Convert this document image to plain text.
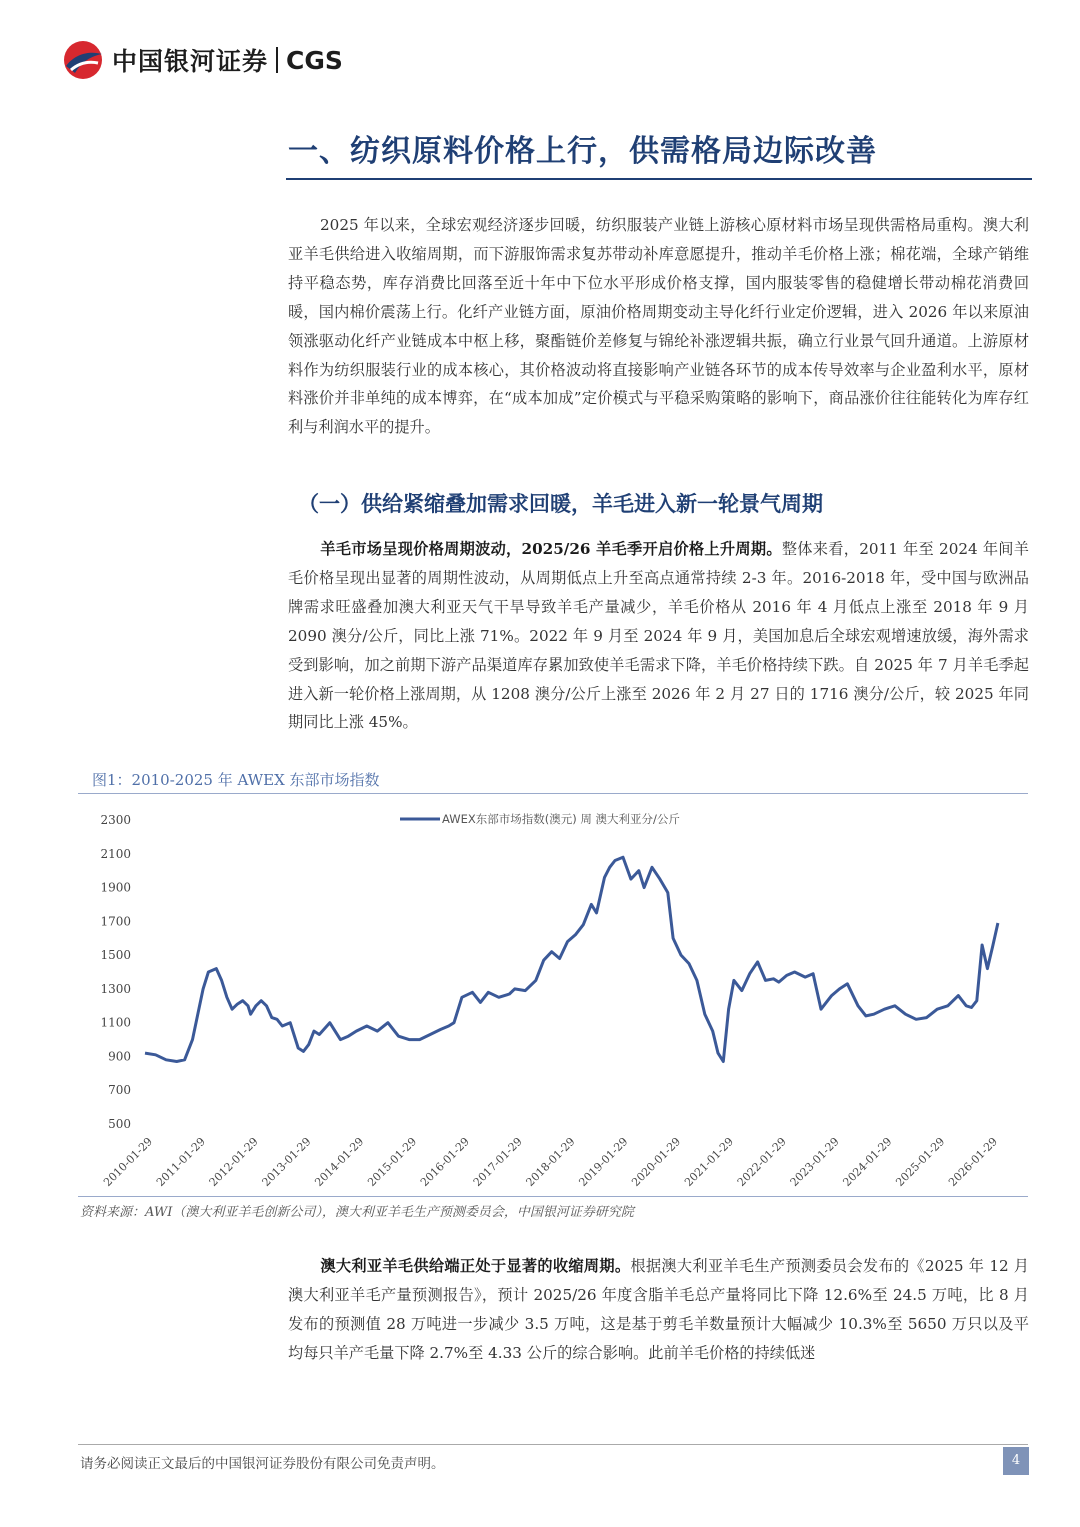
中国银河证券 CGS
一、纺织原料价格上行，供需格局边际改善
2025 年以来，全球宏观经济逐步回暖，纺织服装产业链上游核心原材料市场呈现供需格局重构。澳大利亚羊毛供给进入收缩周期，而下游服饰需求复苏带动补库意愿提升，推动羊毛价格上涨；棉花端，全球产销维持平稳态势，库存消费比回落至近十年中下位水平形成价格支撑，国内服装零售的稳健增长带动棉花消费回暖，国内棉价震荡上行。化纤产业链方面，原油价格周期变动主导化纤行业定价逻辑，进入 2026 年以来原油领涨驱动化纤产业链成本中枢上移，聚酯链价差修复与锦纶补涨逻辑共振，确立行业景气回升通道。上游原材料作为纺织服装行业的成本核心，其价格波动将直接影响产业链各环节的成本传导效率与企业盈利水平，原材料涨价并非单纯的成本博弈，在“成本加成”定价模式与平稳采购策略的影响下，商品涨价往往能转化为库存红利与利润水平的提升。
（一）供给紧缩叠加需求回暖，羊毛进入新一轮景气周期
羊毛市场呈现价格周期波动，2025/26 羊毛季开启价格上升周期。整体来看，2011 年至 2024 年间羊毛价格呈现出显著的周期性波动，从周期低点上升至高点通常持续 2-3 年。2016-2018 年，受中国与欧洲品牌需求旺盛叠加澳大利亚天气干旱导致羊毛产量减少，羊毛价格从 2016 年 4 月低点上涨至 2018 年 9 月 2090 澳分/公斤，同比上涨 71%。2022 年 9 月至 2024 年 9 月，美国加息后全球宏观增速放缓，海外需求受到影响，加之前期下游产品渠道库存累加致使羊毛需求下降，羊毛价格持续下跌。自 2025 年 7 月羊毛季起进入新一轮价格上涨周期，从 1208 澳分/公斤上涨至 2026 年 2 月 27 日的 1716 澳分/公斤，较 2025 年同期同比上涨 45%。
图1：2010-2025 年 AWEX 东部市场指数
500
700
900
1100
1300
1500
1700
1900
2100
2300
2010-01-29
2011-01-29
2012-01-29
2013-01-29
2014-01-29
2015-01-29
2016-01-29
2017-01-29
2018-01-29
2019-01-29
2020-01-29
2021-01-29
2022-01-29
2023-01-29
2024-01-29
2025-01-29
2026-01-29
AWEX东部市场指数(澳元) 周 澳大利亚分/公斤
资料来源：AWI（澳大利亚羊毛创新公司），澳大利亚羊毛生产预测委员会，中国银河证券研究院
澳大利亚羊毛供给端正处于显著的收缩周期。根据澳大利亚羊毛生产预测委员会发布的《2025 年 12 月澳大利亚羊毛产量预测报告》，预计 2025/26 年度含脂羊毛总产量将同比下降 12.6%至 24.5 万吨，比 8 月发布的预测值 28 万吨进一步减少 3.5 万吨，这是基于剪毛羊数量预计大幅减少 10.3%至 5650 万只以及平均每只羊产毛量下降 2.7%至 4.33 公斤的综合影响。此前羊毛价格的持续低迷
请务必阅读正文最后的中国银河证券股份有限公司免责声明。	4
